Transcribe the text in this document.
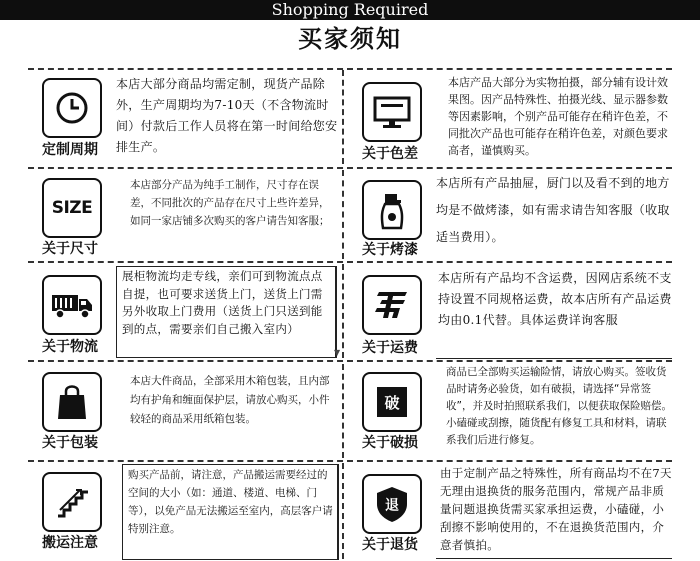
Shopping Required
买家须知
定制周期
本店大部分商品均需定制，现货产品除外，生产周期均为7-10天（不含物流时间）付款后工作人员将在第一时间给您安排生产。	关于色差
本店产品大部分为实物拍摄，部分辅有设计效果图。因产品特殊性、拍摄光线、显示器参数等因素影响，个别产品可能存在稍许色差，不同批次产品也可能存在稍许色差，对颜色要求高者，谨慎购买。
SIZE
关于尺寸
本店部分产品为纯手工制作，尺寸存在误差，不同批次的产品存在尺寸上些许差异，如同一家店铺多次购买的客户请告知客服；
关于烤漆
本店所有产品抽屉，厨门以及看不到的地方均是不做烤漆，如有需求请告知客服（收取适当费用）。
关于物流
展柜物流均走专线，亲们可到物流点点自提，也可要求送货上门，送货上门需另外收取上门费用（送货上门只送到能到的点，需要亲们自己搬入室内）
▼	关于运费
本店所有产品均不含运费，因网店系统不支持设置不同规格运费，故本店所有产品运费均由0.1代替。具体运费详询客服
关于包装
本店大件商品，全部采用木箱包装，且内部均有护角和缠面保护层，请放心购买，小件较轻的商品采用纸箱包装。
破
关于破损
商品已全部购买运输险情，请放心购买。签收货品时请务必验货，如有破损，请选择“异常签收”，并及时拍照联系我们，以便获取保险赔偿。小磕碰或刮擦，随货配有修复工具和材料，请联系我们后进行修复。
搬运注意
购买产品前，请注意，产品搬运需要经过的空间的大小（如：通道、楼道、电梯、门等），以免产品无法搬运至室内，高层客户请特别注意。
退
关于退货
由于定制产品之特殊性，所有商品均不在7天无理由退换货的服务范围内，常规产品非质量问题退换货需买家承担运费，小磕碰，小刮擦不影响使用的，不在退换货范围内，介意者慎拍。
